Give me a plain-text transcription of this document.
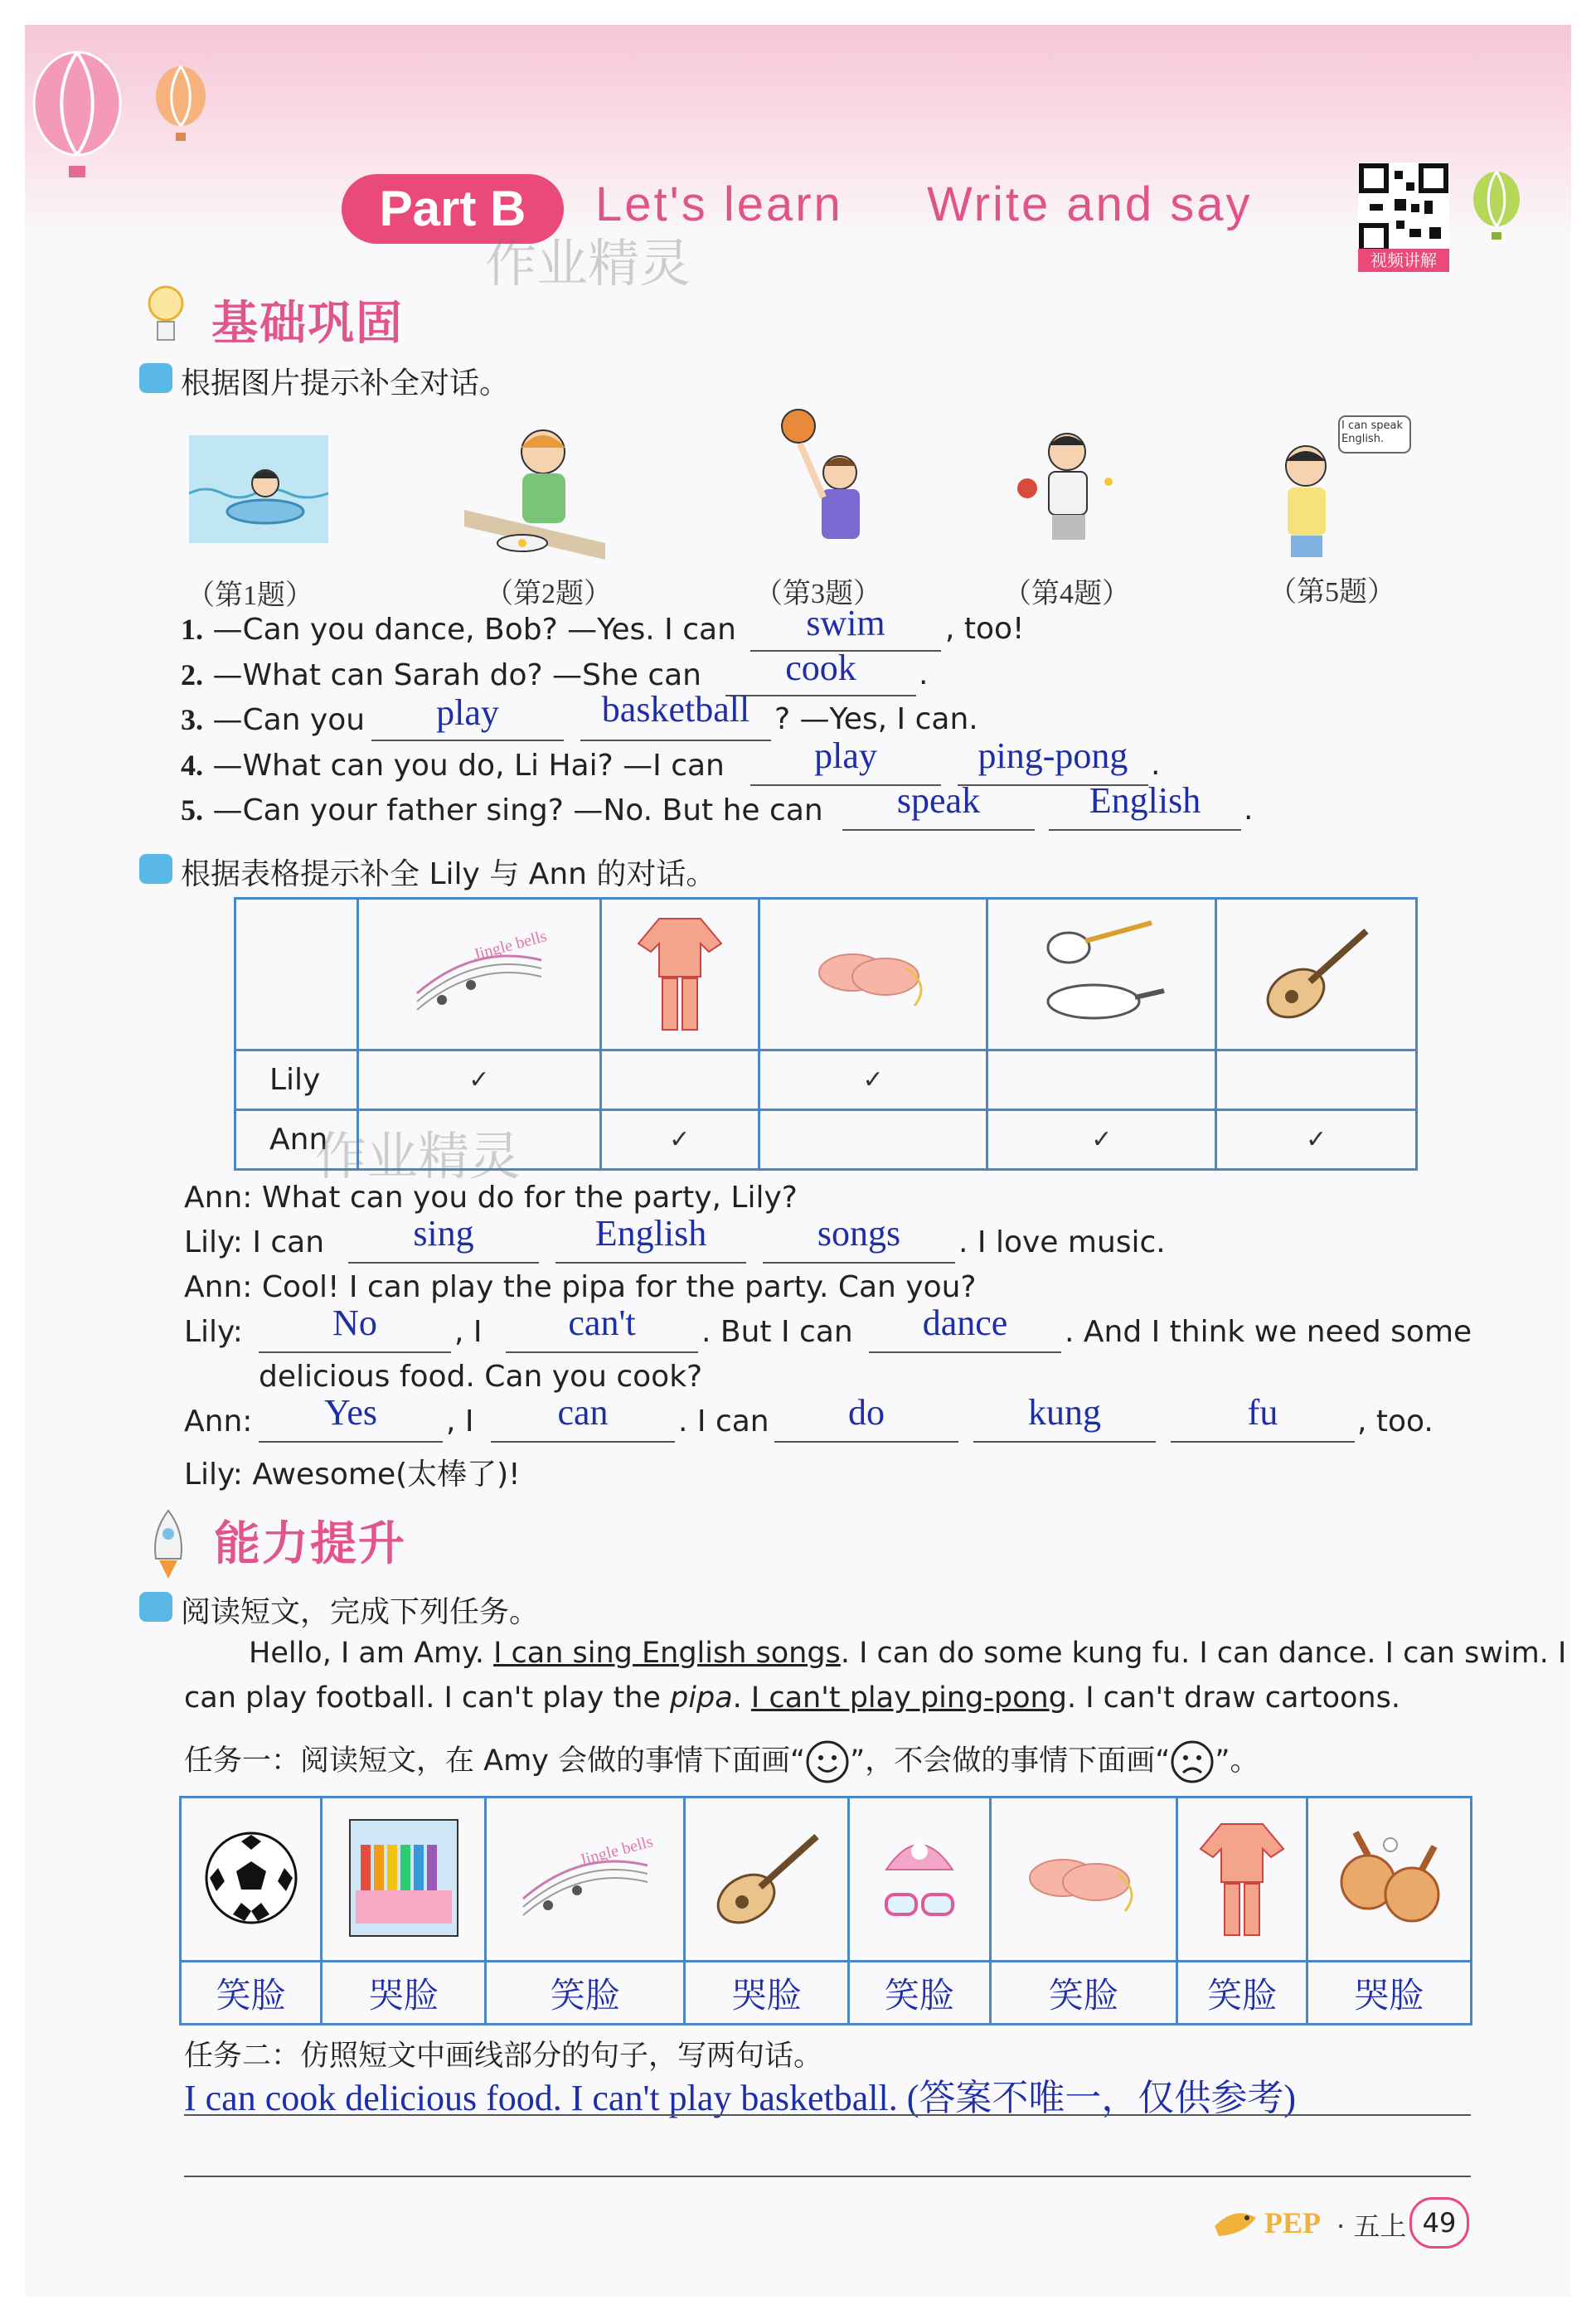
Part B	Let's learn Write and say
作业精灵	视频讲解
基础巩固
根据图片提示补全对话。
I can speak English.
（第1题）	（第2题）	（第3题）	（第4题）	（第5题）
1. —Can you dance, Bob? —Yes. I can	swim	, too!
2. —What can Sarah do? —She can	cook	.
3. —Can you	play	basketball ? —Yes, I can.
4. —What can you do, Li Hai? —I can	play	ping-pong .
5. —Can your father sing? —No. But he can	speak	English	.
根据表格提示补全 Lily 与 Ann 的对话。

Jingle bells

Lily	✓		✓		
Ann		✓		✓	✓
作业精灵
Ann: What can you do for the party, Lily?
Lily: I can	sing	English	songs	. I love music.
Ann: Cool! I can play the pipa for the party. Can you?
Lily:	No	, I	can't	. But I can	dance	. And I think we need some
delicious food. Can you cook?
Ann:	Yes	, I	can	. I can	do	kung	fu	, too.
Lily: Awesome(太棒了)!
能力提升
阅读短文，完成下列任务。
Hello, I am Amy. I can sing English songs. I can do some kung fu. I can dance. I can swim. I
can play football. I can't play the pipa. I can't play ping-pong. I can't draw cartoons.
任务一：阅读短文，在 Amy 会做的事情下面画“ ”，不会做的事情下面画“ ”。

Jingle bells

笑脸	哭脸	笑脸	哭脸	笑脸	笑脸	笑脸	哭脸
任务二：仿照短文中画线部分的句子，写两句话。
I can cook delicious food. I can't play basketball. (答案不唯一，仅供参考)
PEP · 五上 49
